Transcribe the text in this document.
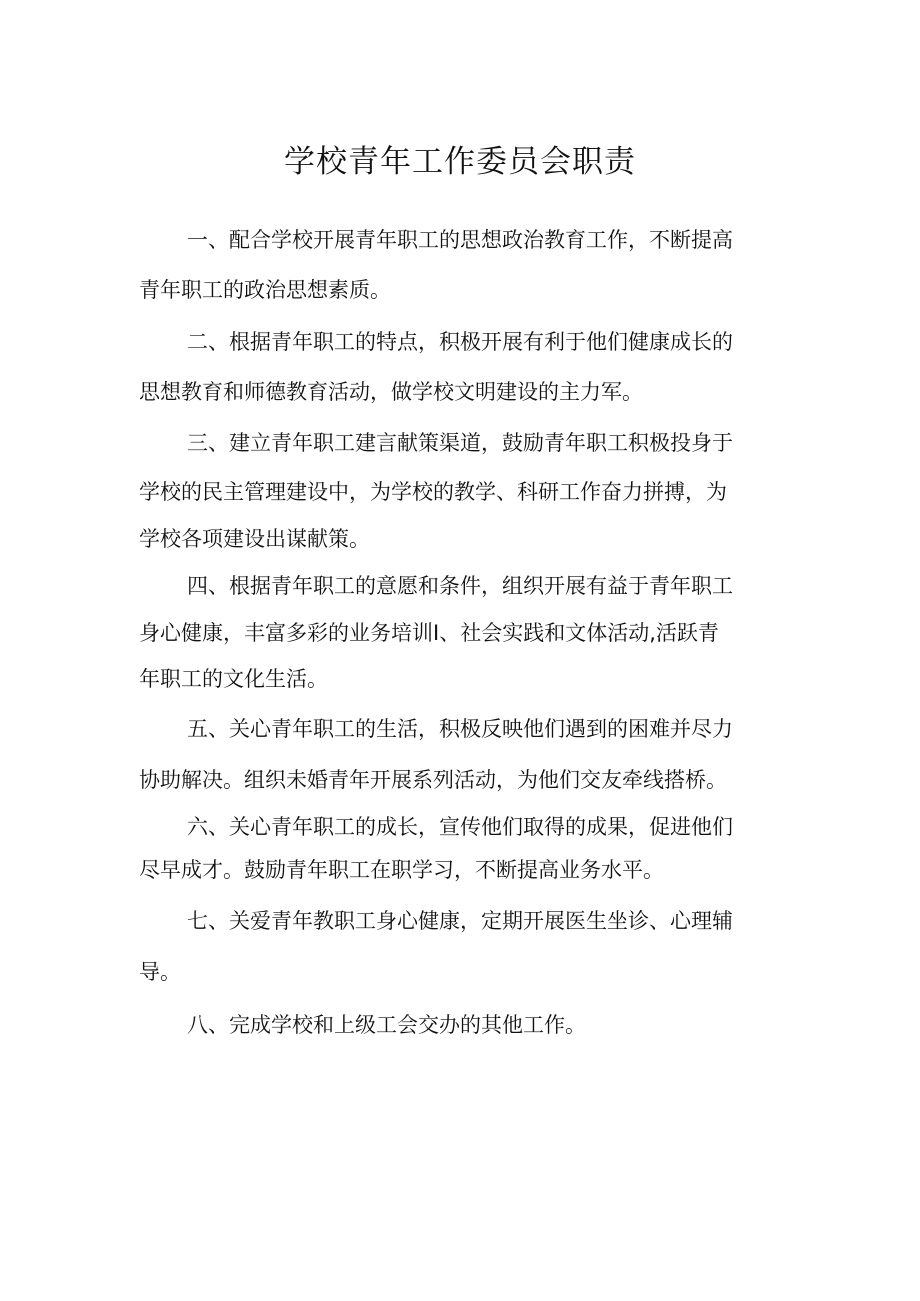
学校青年工作委员会职责

一、配合学校开展青年职工的思想政治教育工作，不断提高

青年职工的政治思想素质。

二、根据青年职工的特点，积极开展有利于他们健康成长的

思想教育和师德教育活动，做学校文明建设的主力军。

三、建立青年职工建言献策渠道，鼓励青年职工积极投身于

学校的民主管理建设中，为学校的教学、科研工作奋力拼搏，为

学校各项建设出谋献策。

四、根据青年职工的意愿和条件，组织开展有益于青年职工

身心健康，丰富多彩的业务培训Ⅰ、社会实践和文体活动,活跃青

年职工的文化生活。

五、关心青年职工的生活，积极反映他们遇到的困难并尽力

协助解决。组织未婚青年开展系列活动，为他们交友牵线搭桥。

六、关心青年职工的成长，宣传他们取得的成果，促进他们

尽早成才。鼓励青年职工在职学习，不断提高业务水平。

七、关爱青年教职工身心健康，定期开展医生坐诊、心理辅

导。

八、完成学校和上级工会交办的其他工作。
